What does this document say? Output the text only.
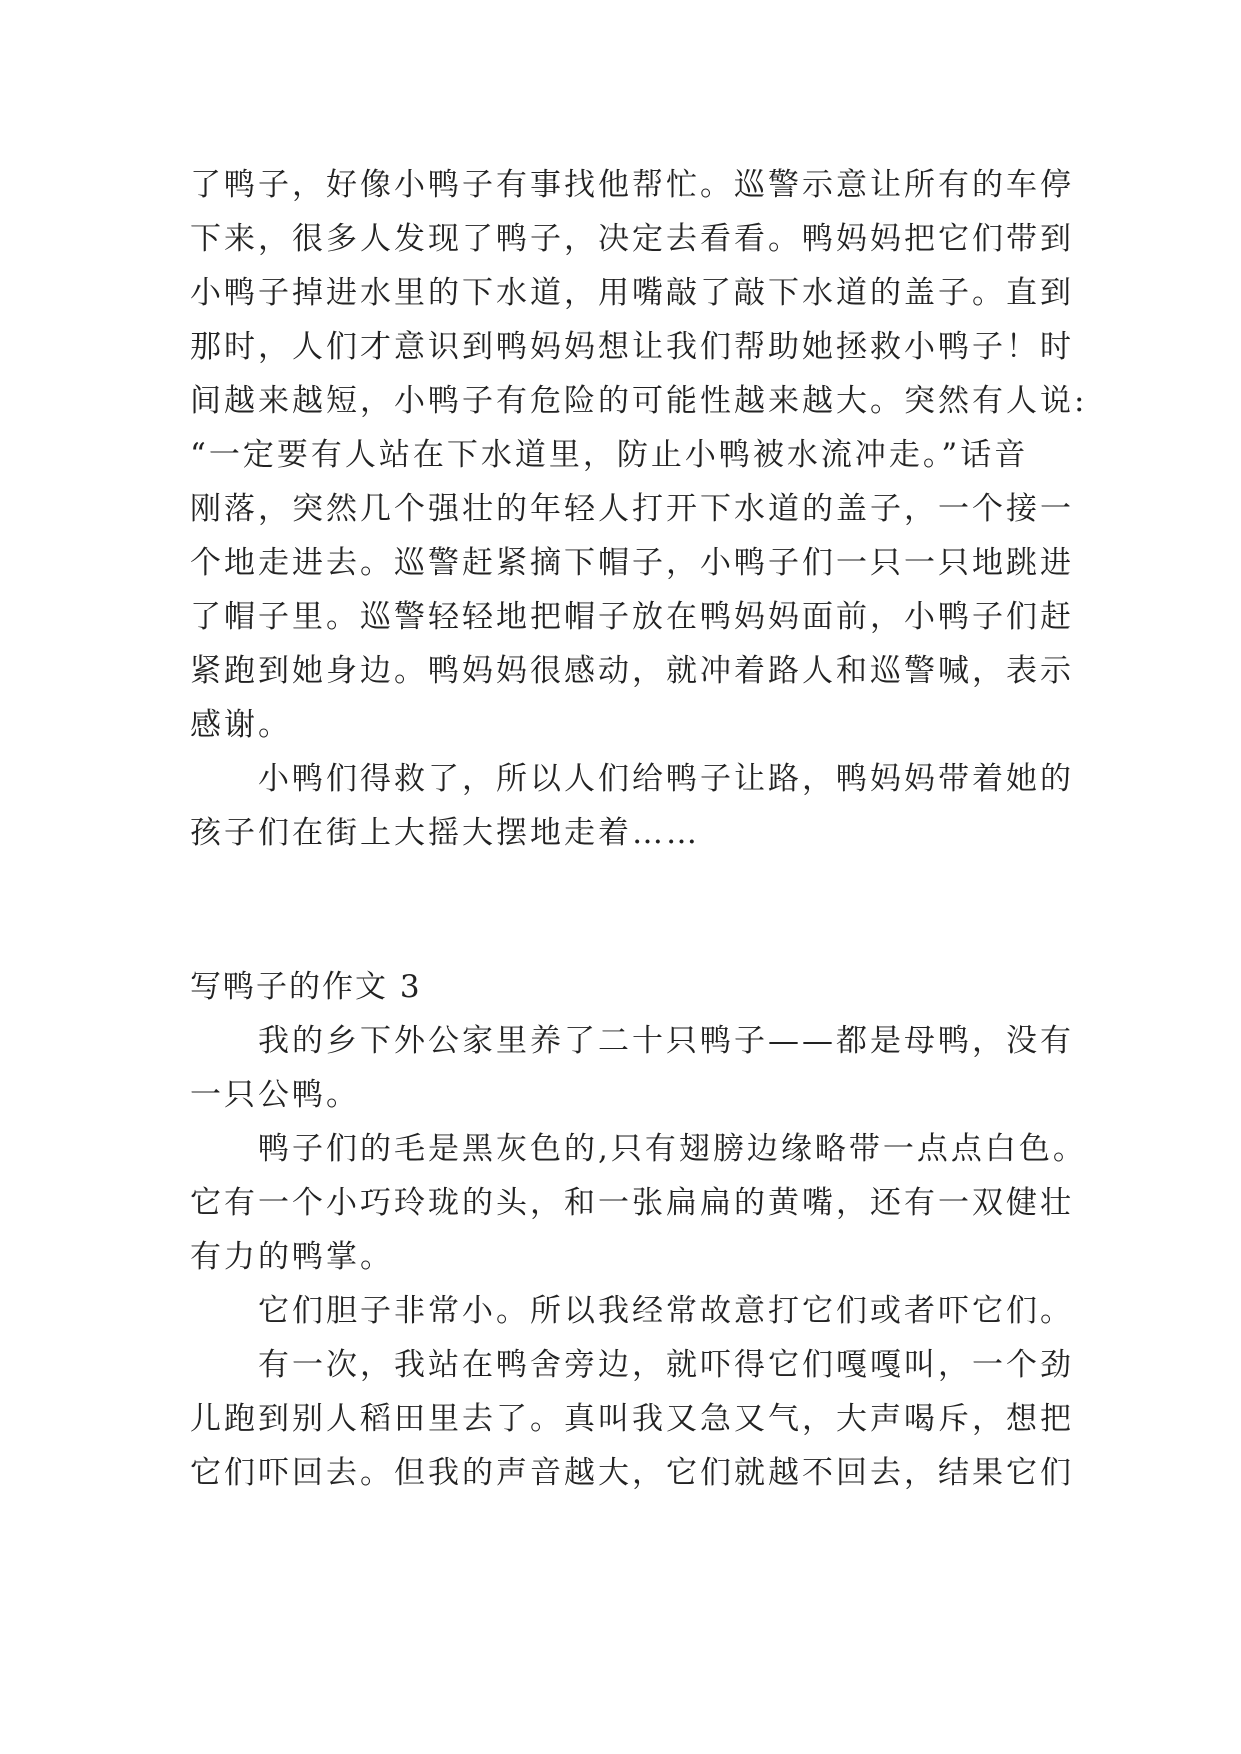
了鸭子，好像小鸭子有事找他帮忙。巡警示意让所有的车停
下来，很多人发现了鸭子，决定去看看。鸭妈妈把它们带到
小鸭子掉进水里的下水道，用嘴敲了敲下水道的盖子。直到
那时，人们才意识到鸭妈妈想让我们帮助她拯救小鸭子！时
间越来越短，小鸭子有危险的可能性越来越大。突然有人说:
“一定要有人站在下水道里，防止小鸭被水流冲走。”话音
刚落，突然几个强壮的年轻人打开下水道的盖子，一个接一
个地走进去。巡警赶紧摘下帽子，小鸭子们一只一只地跳进
了帽子里。巡警轻轻地把帽子放在鸭妈妈面前，小鸭子们赶
紧跑到她身边。鸭妈妈很感动，就冲着路人和巡警喊，表示
感谢。
　　小鸭们得救了，所以人们给鸭子让路，鸭妈妈带着她的
孩子们在街上大摇大摆地走着……
写鸭子的作文 3
　　我的乡下外公家里养了二十只鸭子——都是母鸭，没有
一只公鸭。
　　鸭子们的毛是黑灰色的,只有翅膀边缘略带一点点白色。
它有一个小巧玲珑的头，和一张扁扁的黄嘴，还有一双健壮
有力的鸭掌。
　　它们胆子非常小。所以我经常故意打它们或者吓它们。
　　有一次，我站在鸭舍旁边，就吓得它们嘎嘎叫，一个劲
儿跑到别人稻田里去了。真叫我又急又气，大声喝斥，想把
它们吓回去。但我的声音越大，它们就越不回去，结果它们
